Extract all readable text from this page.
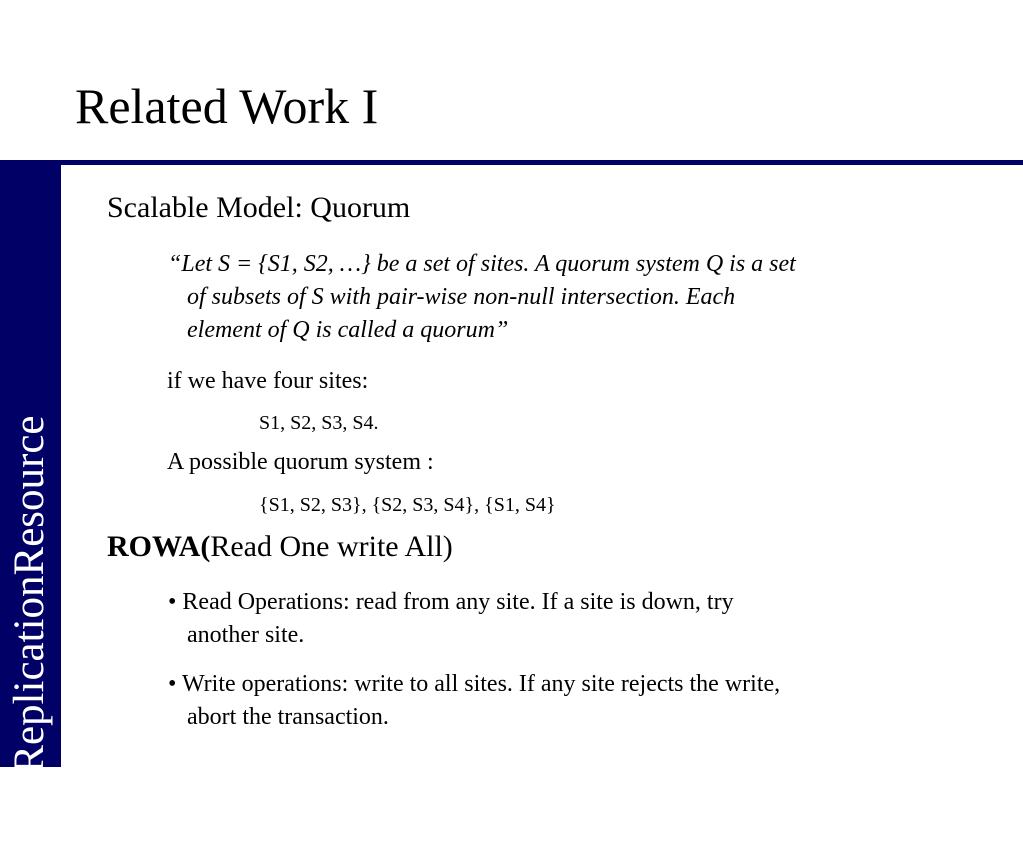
Related Work I
WS-ReplicationResource
Scalable Model: Quorum
“Let S = {S1, S2, …} be a set of sites. A quorum system Q is a set
of subsets of S with pair-wise non-null intersection. Each
element of Q is called a quorum”
if we have four sites:
S1, S2, S3, S4.
A possible quorum system :
{S1, S2, S3}, {S2, S3, S4}, {S1, S4}
ROWA(Read One write All)
• Read Operations: read from any site. If a site is down, try
another site.
• Write operations: write to all sites. If any site rejects the write,
abort the transaction.
